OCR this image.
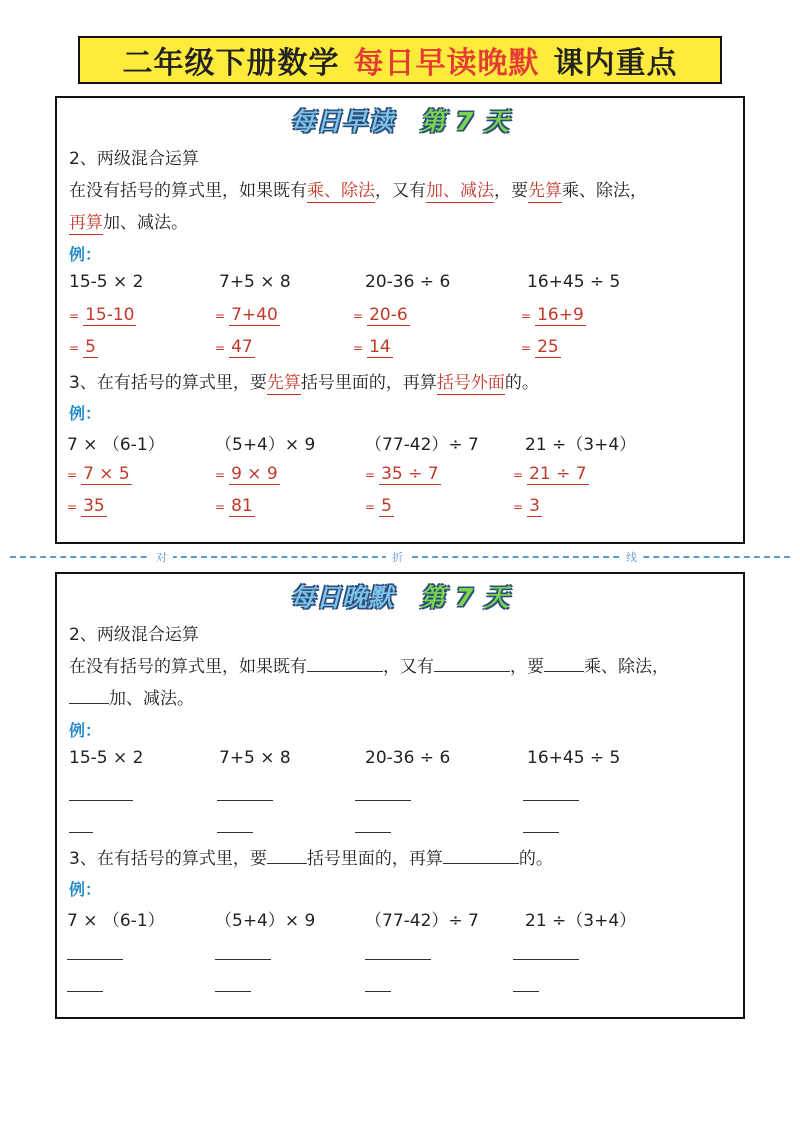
二年级下册数学 每日早读晚默 课内重点
每日早读 第 7 天
2、两级混合运算
在没有括号的算式里，如果既有乘、除法，又有加、减法，要先算乘、除法，
再算加、减法。
例：
15-5 × 2	7+5 × 8	20-36 ÷ 6	16+45 ÷ 5
= 15-10	= 7+40	= 20-6	= 16+9
= 5	= 47	= 14	= 25
3、在有括号的算式里，要先算括号里面的，再算括号外面的。
例：
7 × （6-1）	（5+4）× 9	（77-42）÷ 7	21 ÷（3+4）
= 7 × 5	= 9 × 9	= 35 ÷ 7	= 21 ÷ 7
= 35	= 81	= 5	= 3
对	折	线
每日晚默 第 7 天
2、两级混合运算
在没有括号的算式里，如果既有	，又有	，要 乘、除法，
加、减法。
例：
15-5 × 2	7+5 × 8	20-36 ÷ 6	16+45 ÷ 5
3、在有括号的算式里，要 括号里面的，再算	的。
例：
7 × （6-1）	（5+4）× 9	（77-42）÷ 7	21 ÷（3+4）
